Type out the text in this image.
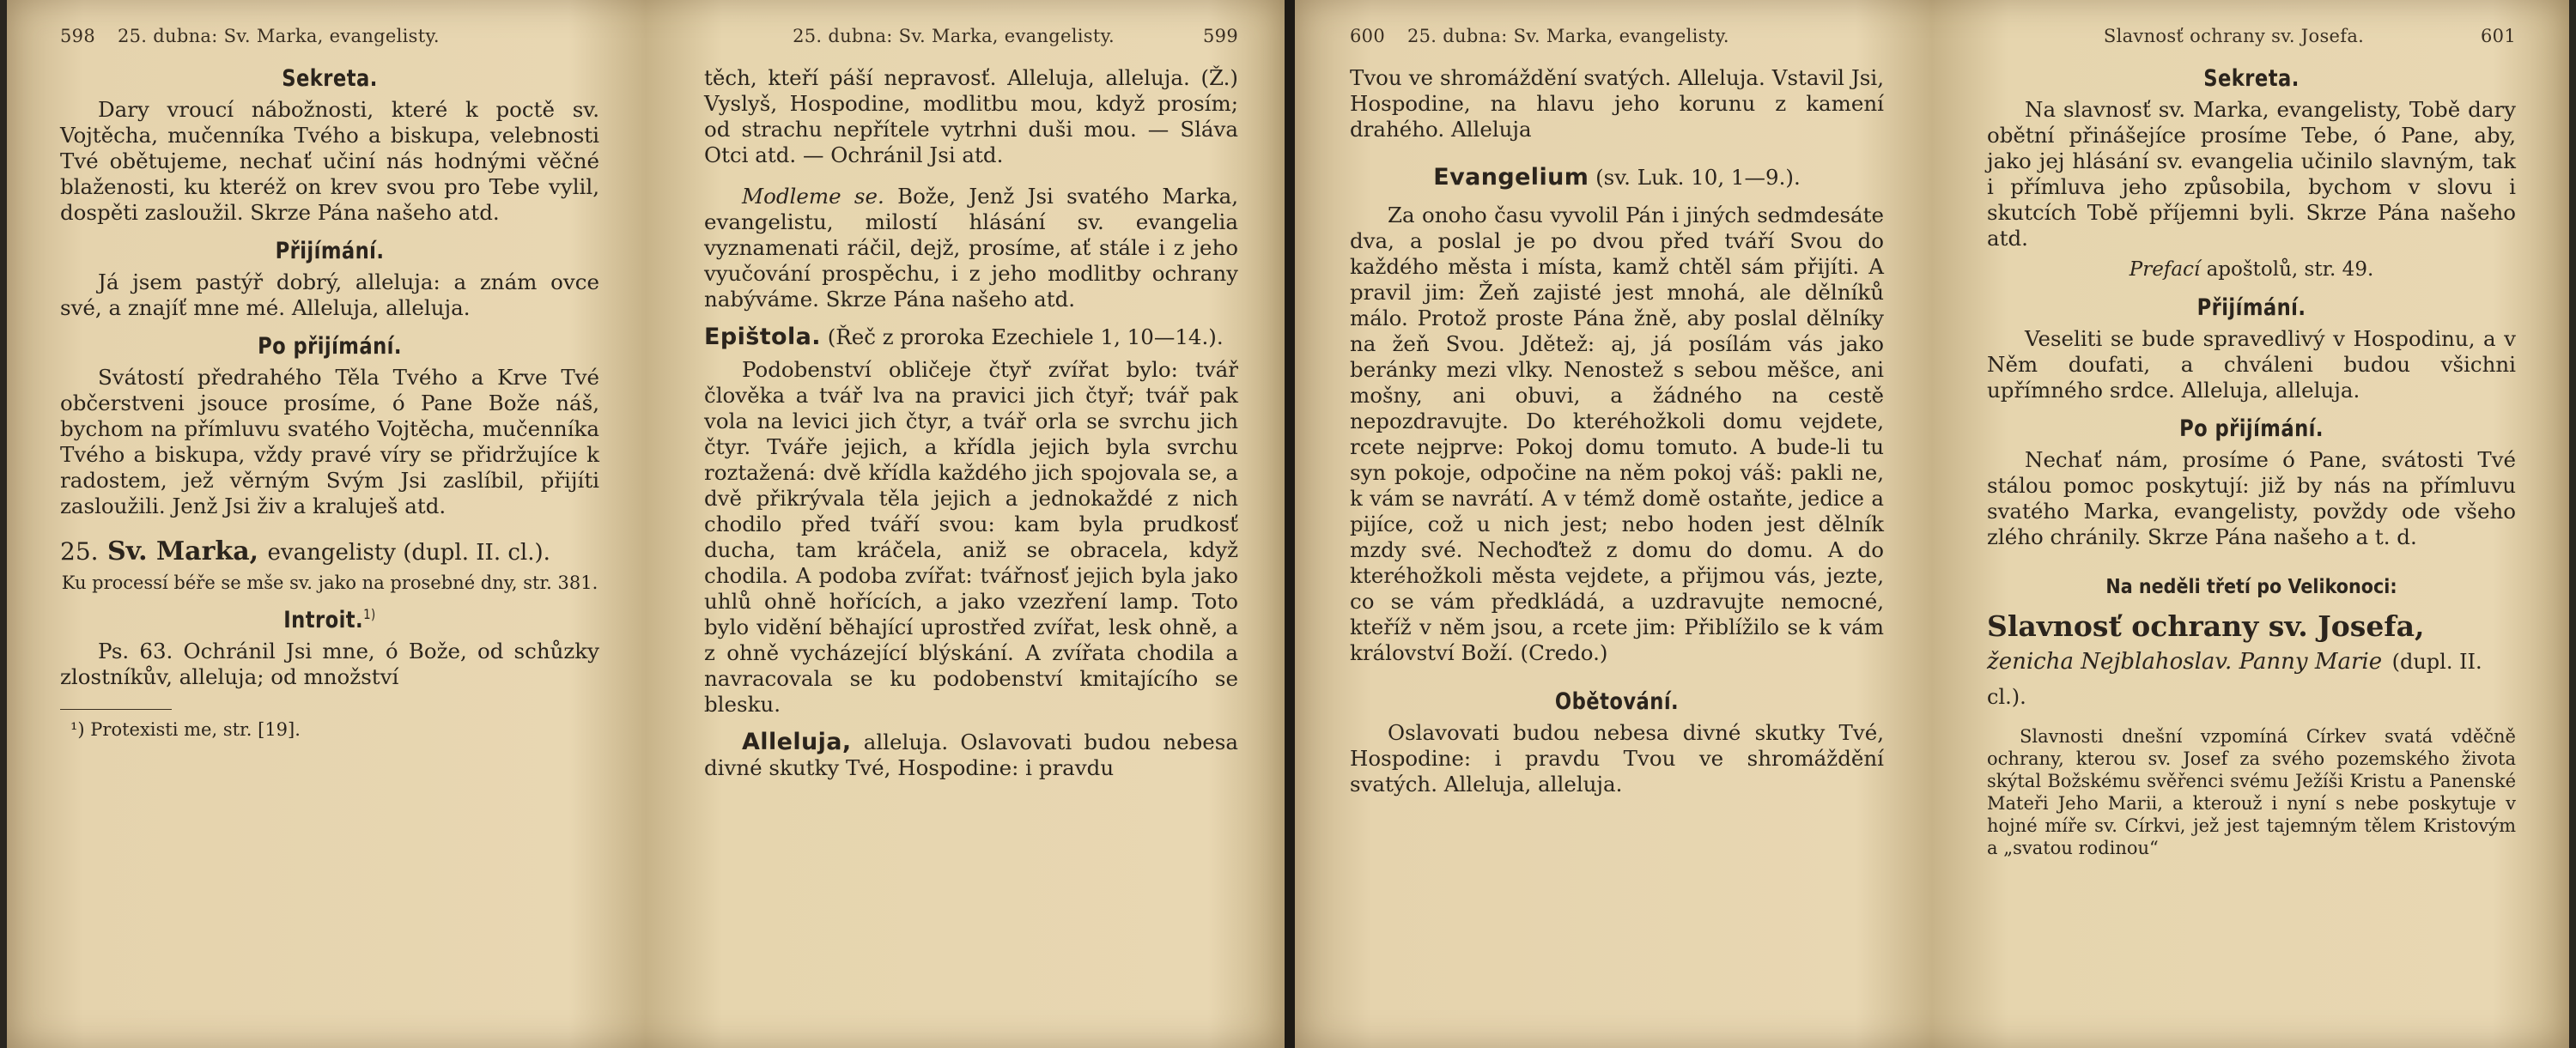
598 25. dubna: Sv. Marka, evangelisty.
Sekreta.

Dary vroucí nábožnosti, které k poctě sv. Vojtěcha, mučenníka Tvého a biskupa, velebnosti Tvé obětujeme, nechať učiní nás hodnými věčné blaženosti, ku kteréž on krev svou pro Tebe vylil, dospěti zasloužil. Skrze Pána našeho atd.

Přijímání.

Já jsem pastýř dobrý, alleluja: a znám ovce své, a znajíť mne mé. Alleluja, alleluja.

Po přijímání.

Svátostí předrahého Těla Tvého a Krve Tvé občerstveni jsouce prosíme, ó Pane Bože náš, bychom na přímluvu svatého Vojtěcha, mučenníka Tvého a biskupa, vždy pravé víry se přidržujíce k radostem, jež věrným Svým Jsi zaslíbil, přijíti zasloužili. Jenž Jsi živ a kraluješ atd.

25. Sv. Marka, evangelisty (dupl. II. cl.).

Ku processí béře se mše sv. jako na prosebné dny, str. 381.

Introit.$^{1)}$

Ps. 63. Ochránil Jsi mne, ó Bože, od schůzky zlostníkův, alleluja; od množství

¹) Protexisti me, str. [19].

25. dubna: Sv. Marka, evangelisty.	599

těch, kteří páší nepravosť. Alleluja, alleluja. (Ž.) Vyslyš, Hospodine, modlitbu mou, když prosím; od strachu nepřítele vytrhni duši mou. — Sláva Otci atd. — Ochránil Jsi atd.

Modleme se. Bože, Jenž Jsi svatého Marka, evangelistu, milostí hlásání sv. evangelia vyznamenati ráčil, dejž, prosíme, ať stále i z jeho vyučování prospěchu, i z jeho modlitby ochrany nabýváme. Skrze Pána našeho atd.

Epištola. (Řeč z proroka Ezechiele 1, 10—14.).

Podobenství obličeje čtyř zvířat bylo: tvář člověka a tvář lva na pravici jich čtyř; tvář pak vola na levici jich čtyr, a tvář orla se svrchu jich čtyr. Tváře jejich, a křídla jejich byla svrchu roztažená: dvě křídla každého jich spojovala se, a dvě přikrývala těla jejich a jednokaždé z nich chodilo před tváří svou: kam byla prudkosť ducha, tam kráčela, aniž se obracela, když chodila. A podoba zvířat: tvářnosť jejich byla jako uhlů ohně hořících, a jako vzezření lamp. Toto bylo vidění běhající uprostřed zvířat, lesk ohně, a z ohně vycházející blýskání. A zvířata chodila a navracovala se ku podobenství kmitajícího se blesku.

Alleluja, alleluja. Oslavovati budou nebesa divné skutky Tvé, Hospodine: i pravdu

600 25. dubna: Sv. Marka, evangelisty.

Tvou ve shromáždění svatých. Alleluja. Vstavil Jsi, Hospodine, na hlavu jeho korunu z kamení drahého. Alleluja

Evangelium (sv. Luk. 10, 1—9.).

Za onoho času vyvolil Pán i jiných sedmdesáte dva, a poslal je po dvou před tváří Svou do každého města i místa, kamž chtěl sám přijíti. A pravil jim: Žeň zajisté jest mnohá, ale dělníků málo. Protož proste Pána žně, aby poslal dělníky na žeň Svou. Jdětež: aj, já posílám vás jako beránky mezi vlky. Nenostež s sebou měšce, ani mošny, ani obuvi, a žádného na cestě nepozdravujte. Do kteréhožkoli domu vejdete, rcete nejprve: Pokoj domu tomuto. A bude-li tu syn pokoje, odpočine na něm pokoj váš: pakli ne, k vám se navrátí. A v témž domě ostaňte, jedice a pijíce, což u nich jest; nebo hoden jest dělník mzdy své. Nechoďtež z domu do domu. A do kteréhožkoli města vejdete, a přijmou vás, jezte, co se vám předkládá, a uzdravujte nemocné, kteříž v něm jsou, a rcete jim: Přiblížilo se k vám království Boží. (Credo.)

Obětování.

Oslavovati budou nebesa divné skutky Tvé, Hospodine: i pravdu Tvou ve shromáždění svatých. Alleluja, alleluja.

Slavnosť ochrany sv. Josefa.	601
Sekreta.

Na slavnosť sv. Marka, evangelisty, Tobě dary obětní přinášejíce prosíme Tebe, ó Pane, aby, jako jej hlásání sv. evangelia učinilo slavným, tak i přímluva jeho způsobila, bychom v slovu i skutcích Tobě příjemni byli. Skrze Pána našeho atd.

Prefací apoštolů, str. 49.

Přijímání.

Veseliti se bude spravedlivý v Hospodinu, a v Něm doufati, a chváleni budou všichni upřímného srdce. Alleluja, alleluja.

Po přijímání.

Nechať nám, prosíme ó Pane, svátosti Tvé stálou pomoc poskytují: již by nás na přímluvu svatého Marka, evangelisty, povždy ode všeho zlého chránily. Skrze Pána našeho a t. d.

Na neděli třetí po Velikonoci:

Slavnosť ochrany sv. Josefa, ženicha Nejblahoslav. Panny Marie (dupl. II. cl.).

Slavnosti dnešní vzpomíná Církev svatá vděčně ochrany, kterou sv. Josef za svého pozemského života skýtal Božskému svěřenci svému Ježíši Kristu a Panenské Mateři Jeho Marii, a kterouž i nyní s nebe poskytuje v hojné míře sv. Církvi, jež jest tajemným tělem Kristovým a „svatou rodinou“
